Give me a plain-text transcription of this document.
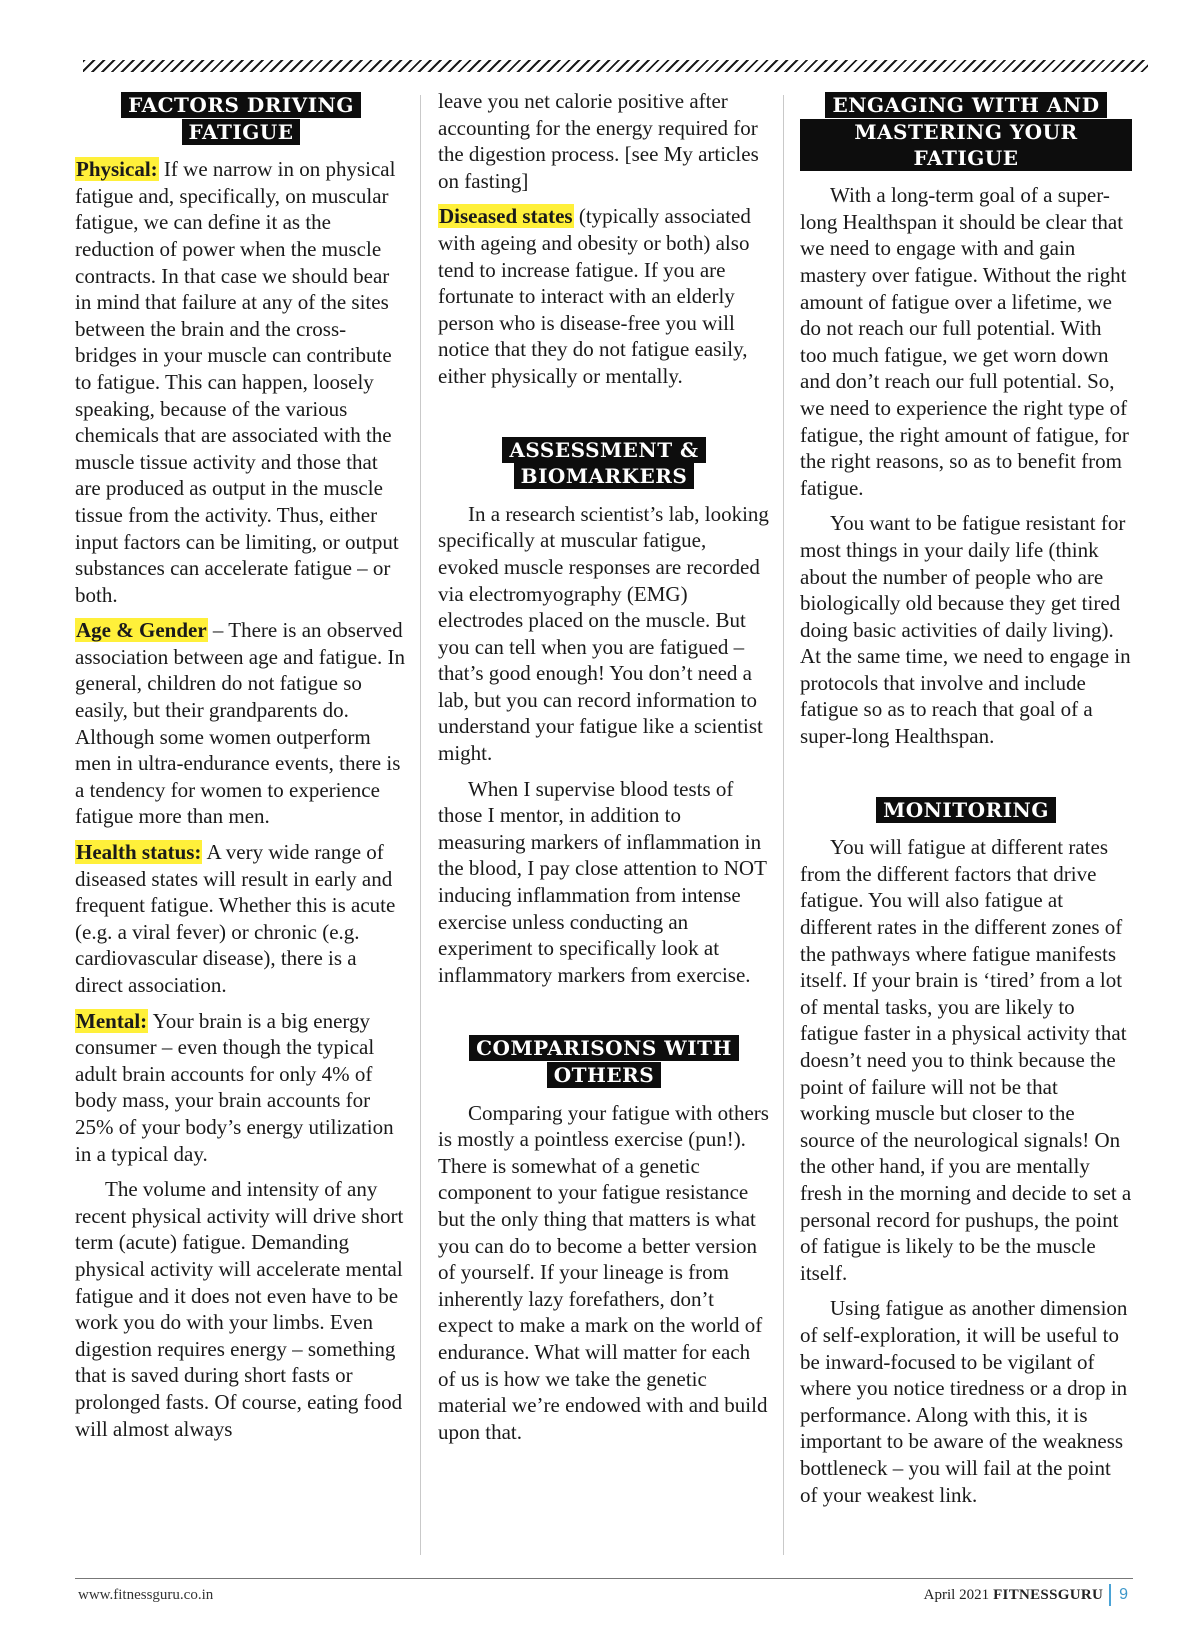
FACTORS DRIVING
FATIGUE

Physical: If we narrow in on physical fatigue and, specifically, on muscular fatigue, we can define it as the reduction of power when the muscle contracts. In that case we should bear in mind that failure at any of the sites between the brain and the cross-bridges in your muscle can contribute to fatigue. This can happen, loosely speaking, because of the various chemicals that are associated with the muscle tissue activity and those that are produced as output in the muscle tissue from the activity. Thus, either input factors can be limiting, or output substances can accelerate fatigue – or both.

Age & Gender – There is an observed association between age and fatigue. In general, children do not fatigue so easily, but their grandparents do. Although some women outperform men in ultra-endurance events, there is a tendency for women to experience fatigue more than men.

Health status: A very wide range of diseased states will result in early and frequent fatigue. Whether this is acute (e.g. a viral fever) or chronic (e.g. cardiovascular disease), there is a direct association.

Mental: Your brain is a big energy consumer – even though the typical adult brain accounts for only 4% of body mass, your brain accounts for 25% of your body’s energy utilization in a typical day.

The volume and intensity of any recent physical activity will drive short term (acute) fatigue. Demanding physical activity will accelerate mental fatigue and it does not even have to be work you do with your limbs. Even digestion requires energy – something that is saved during short fasts or prolonged fasts. Of course, eating food will almost always

leave you net calorie positive after accounting for the energy required for the digestion process. [see My articles on fasting]

Diseased states (typically associated with ageing and obesity or both) also tend to increase fatigue. If you are fortunate to interact with an elderly person who is disease-free you will notice that they do not fatigue easily, either physically or mentally.

ASSESSMENT &
BIOMARKERS

In a research scientist’s lab, looking specifically at muscular fatigue, evoked muscle responses are recorded via electromyography (EMG) electrodes placed on the muscle. But you can tell when you are fatigued – that’s good enough! You don’t need a lab, but you can record information to understand your fatigue like a scientist might.

When I supervise blood tests of those I mentor, in addition to measuring markers of inflammation in the blood, I pay close attention to NOT inducing inflammation from intense exercise unless conducting an experiment to specifically look at inflammatory markers from exercise.

COMPARISONS WITH
OTHERS

Comparing your fatigue with others is mostly a pointless exercise (pun!). There is somewhat of a genetic component to your fatigue resistance but the only thing that matters is what you can do to become a better version of yourself. If your lineage is from inherently lazy forefathers, don’t expect to make a mark on the world of endurance. What will matter for each of us is how we take the genetic material we’re endowed with and build upon that.

ENGAGING WITH AND
MASTERING YOUR FATIGUE

With a long-term goal of a super-long Healthspan it should be clear that we need to engage with and gain mastery over fatigue. Without the right amount of fatigue over a lifetime, we do not reach our full potential. With too much fatigue, we get worn down and don’t reach our full potential. So, we need to experience the right type of fatigue, the right amount of fatigue, for the right reasons, so as to benefit from fatigue.

You want to be fatigue resistant for most things in your daily life (think about the number of people who are biologically old because they get tired doing basic activities of daily living). At the same time, we need to engage in protocols that involve and include fatigue so as to reach that goal of a super-long Healthspan.

MONITORING

You will fatigue at different rates from the different factors that drive fatigue. You will also fatigue at different rates in the different zones of the pathways where fatigue manifests itself. If your brain is ‘tired’ from a lot of mental tasks, you are likely to fatigue faster in a physical activity that doesn’t need you to think because the point of failure will not be that working muscle but closer to the source of the neurological signals! On the other hand, if you are mentally fresh in the morning and decide to set a personal record for pushups, the point of fatigue is likely to be the muscle itself.

Using fatigue as another dimension of self-exploration, it will be useful to be inward-focused to be vigilant of where you notice tiredness or a drop in performance. Along with this, it is important to be aware of the weakness bottleneck – you will fail at the point of your weakest link.

www.fitnessguru.co.in	April 2021 FITNESSGURU 9
